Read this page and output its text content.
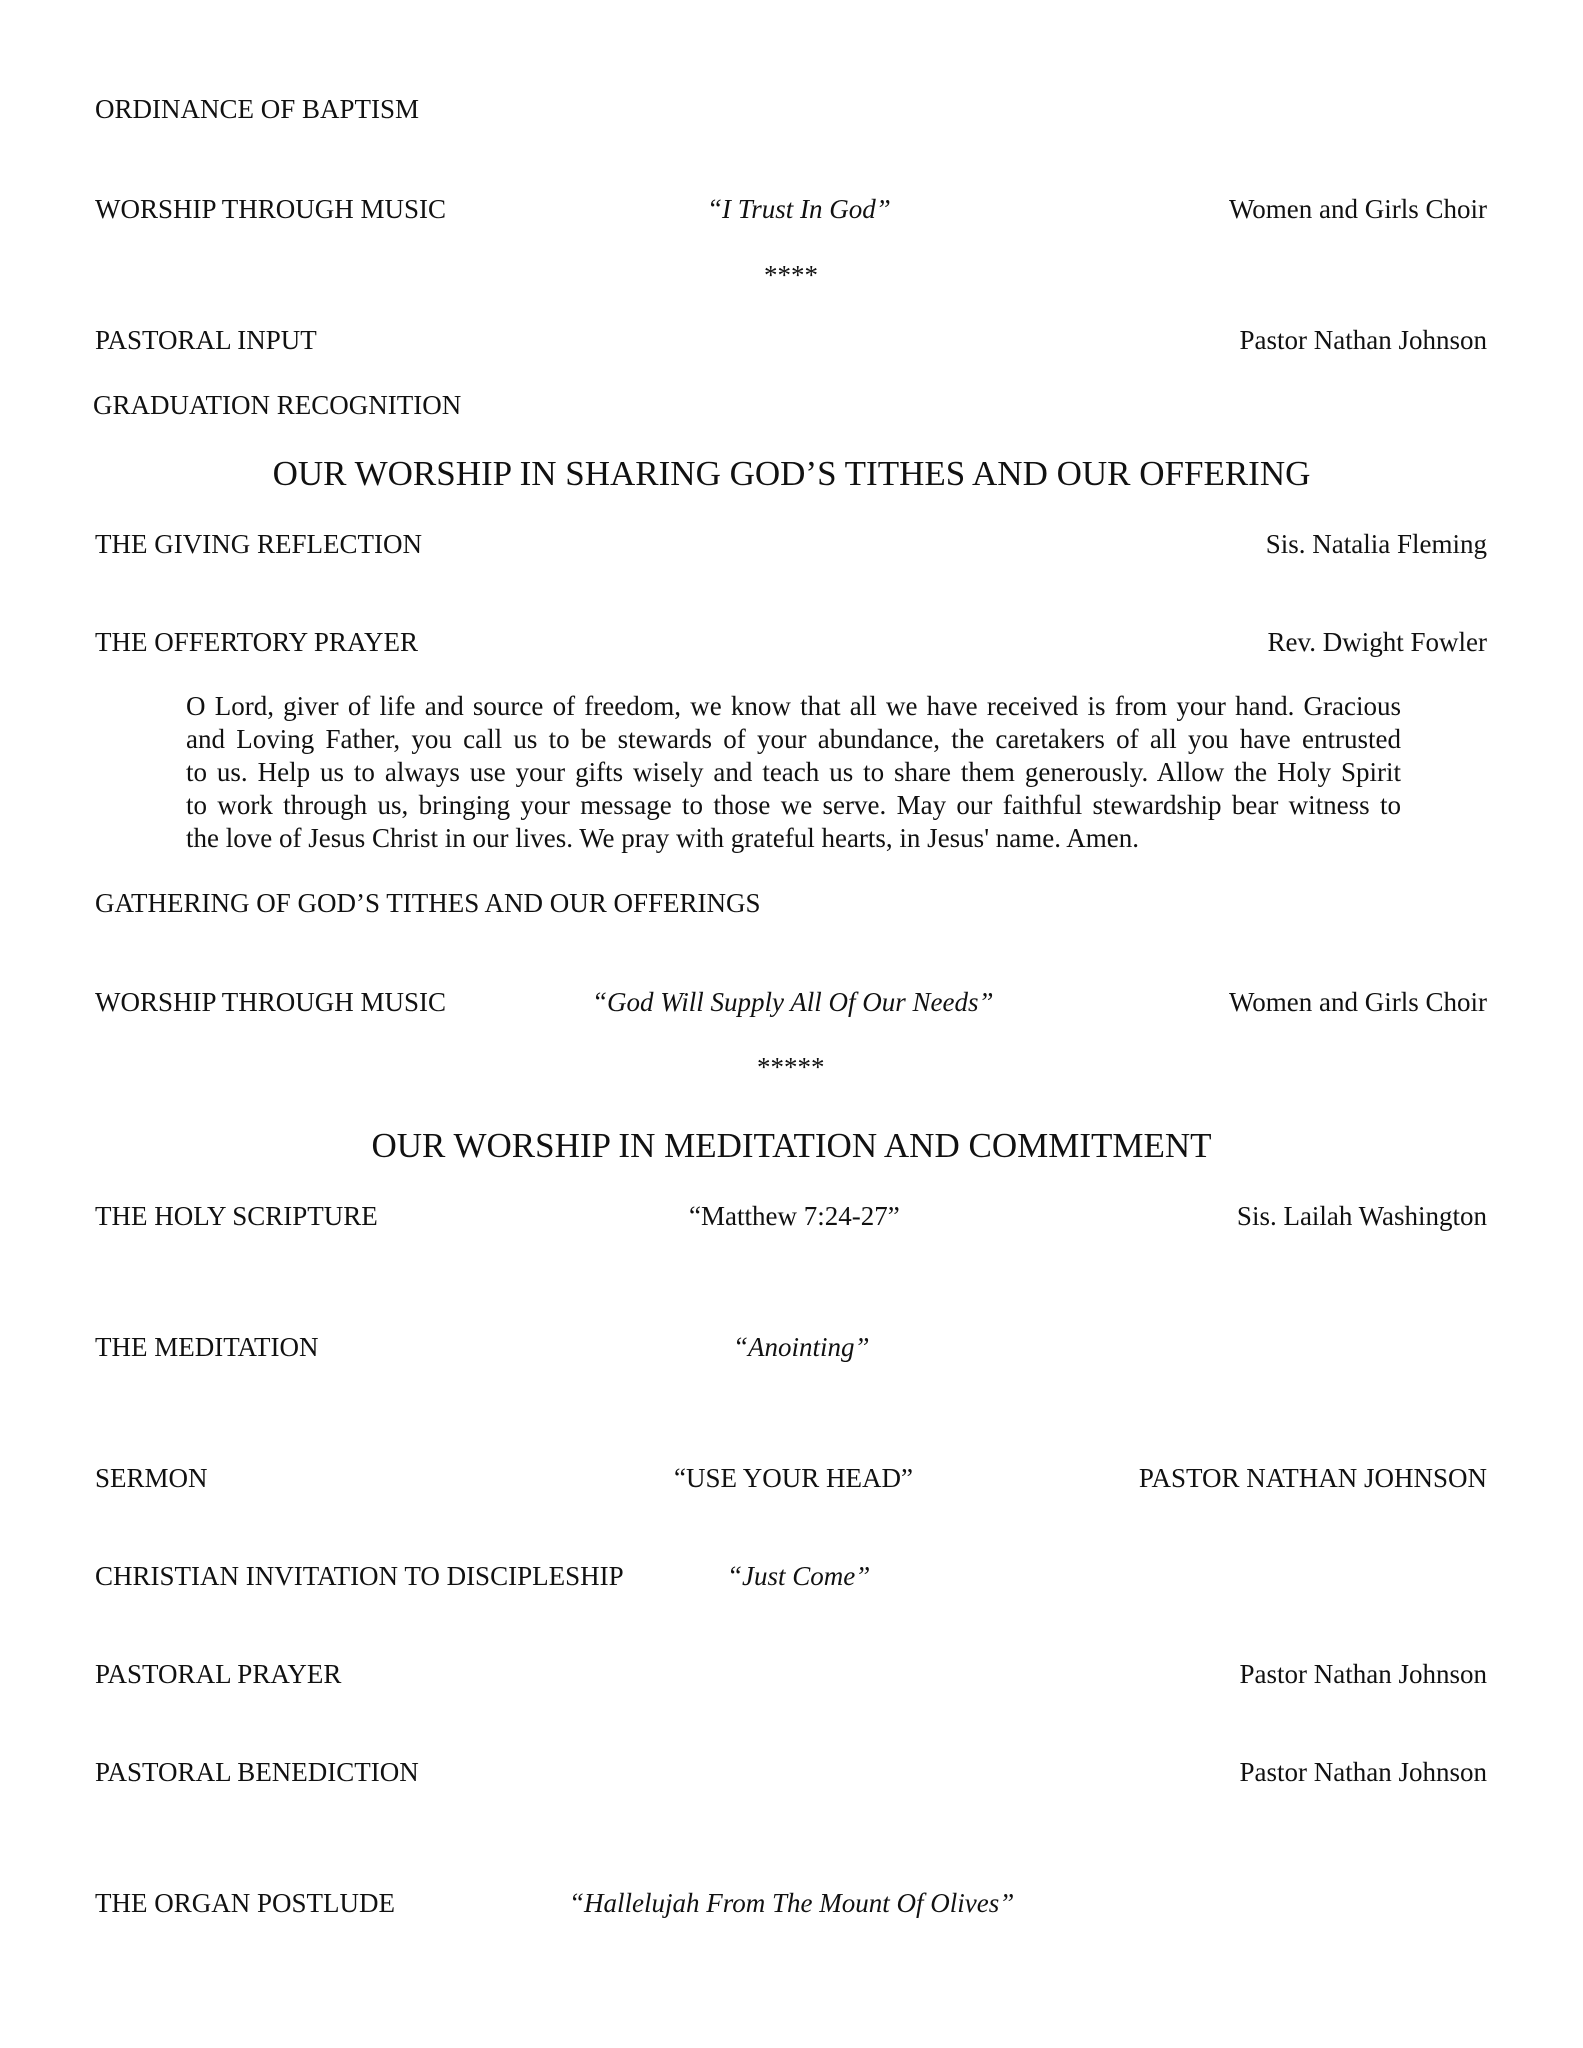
ORDINANCE OF BAPTISM
WORSHIP THROUGH MUSIC	“I Trust In God”	Women and Girls Choir
****
PASTORAL INPUT	Pastor Nathan Johnson
GRADUATION RECOGNITION
OUR WORSHIP IN SHARING GOD’S TITHES AND OUR OFFERING
THE GIVING REFLECTION	Sis. Natalia Fleming
THE OFFERTORY PRAYER	Rev. Dwight Fowler
O Lord, giver of life and source of freedom, we know that all we have received is from your hand. Gracious
and Loving Father, you call us to be stewards of your abundance, the caretakers of all you have entrusted
to us. Help us to always use your gifts wisely and teach us to share them generously. Allow the Holy Spirit
to work through us, bringing your message to those we serve. May our faithful stewardship bear witness to
the love of Jesus Christ in our lives. We pray with grateful hearts, in Jesus' name. Amen.
GATHERING OF GOD’S TITHES AND OUR OFFERINGS
WORSHIP THROUGH MUSIC	“God Will Supply All Of Our Needs”	Women and Girls Choir
*****
OUR WORSHIP IN MEDITATION AND COMMITMENT
THE HOLY SCRIPTURE	“Matthew 7:24-27”	Sis. Lailah Washington
THE MEDITATION	“Anointing”
SERMON	“USE YOUR HEAD”	PASTOR NATHAN JOHNSON
CHRISTIAN INVITATION TO DISCIPLESHIP	“Just Come”
PASTORAL PRAYER	Pastor Nathan Johnson
PASTORAL BENEDICTION	Pastor Nathan Johnson
THE ORGAN POSTLUDE	“Hallelujah From The Mount Of Olives”
